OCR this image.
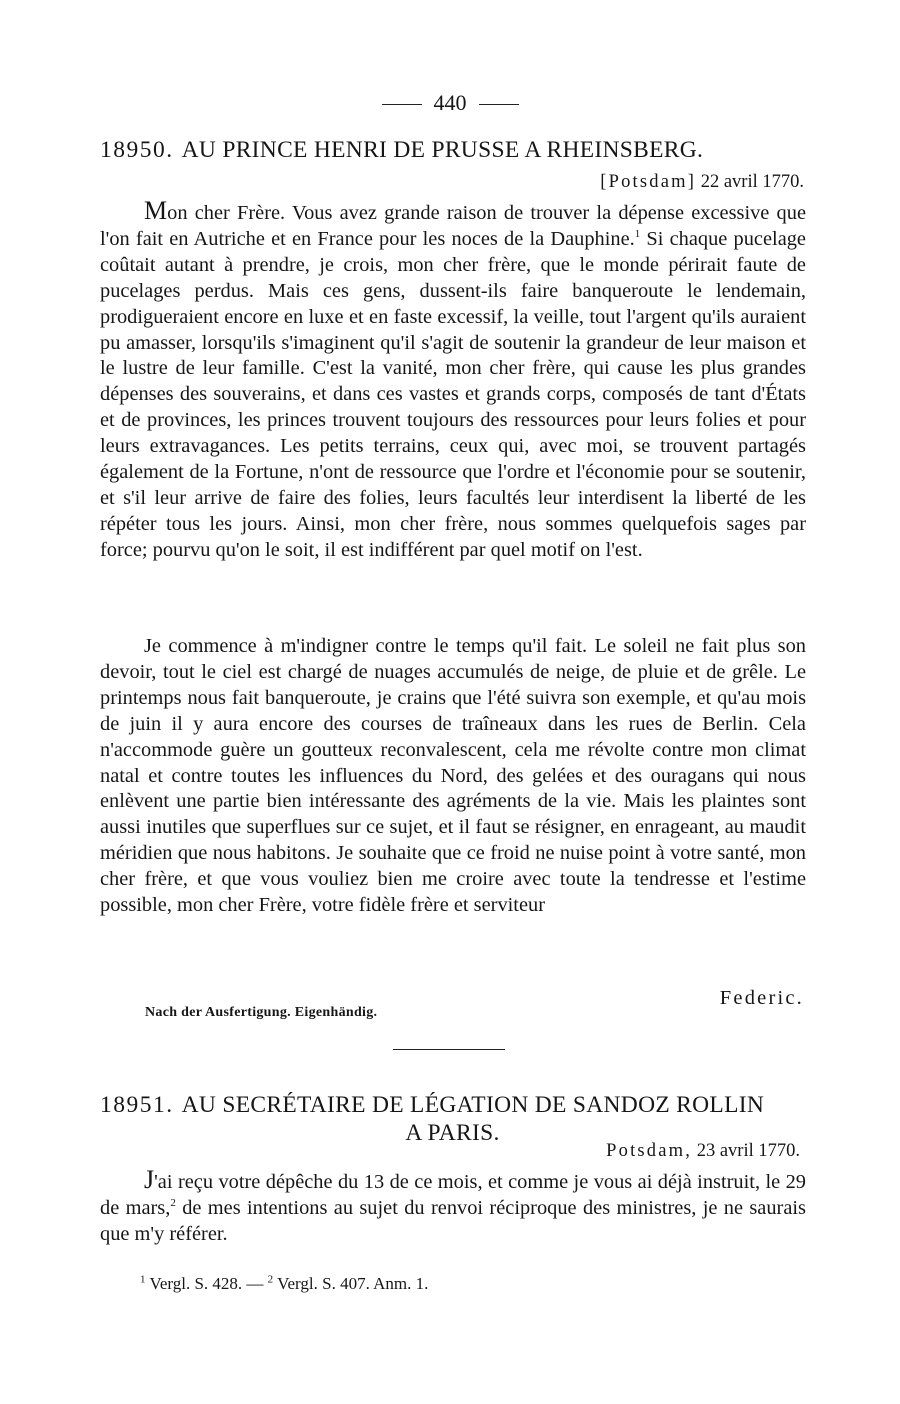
440
18950. AU PRINCE HENRI DE PRUSSE A RHEINSBERG.
[Potsdam] 22 avril 1770.

Mon cher Frère. Vous avez grande raison de trouver la dépense excessive que l'on fait en Autriche et en France pour les noces de la Dauphine.$^1$ Si chaque pucelage coûtait autant à prendre, je crois, mon cher frère, que le monde périrait faute de pucelages perdus. Mais ces gens, dussent-ils faire banqueroute le lendemain, prodigueraient encore en luxe et en faste excessif, la veille, tout l'argent qu'ils auraient pu amasser, lorsqu'ils s'imaginent qu'il s'agit de soutenir la grandeur de leur maison et le lustre de leur famille. C'est la vanité, mon cher frère, qui cause les plus grandes dépenses des souverains, et dans ces vastes et grands corps, composés de tant d'États et de provinces, les princes trouvent toujours des ressources pour leurs folies et pour leurs extravagances. Les petits terrains, ceux qui, avec moi, se trouvent partagés également de la Fortune, n'ont de ressource que l'ordre et l'économie pour se soutenir, et s'il leur arrive de faire des folies, leurs facultés leur interdisent la liberté de les répéter tous les jours. Ainsi, mon cher frère, nous sommes quelquefois sages par force; pourvu qu'on le soit, il est indifférent par quel motif on l'est.

Je commence à m'indigner contre le temps qu'il fait. Le soleil ne fait plus son devoir, tout le ciel est chargé de nuages accumulés de neige, de pluie et de grêle. Le printemps nous fait banqueroute, je crains que l'été suivra son exemple, et qu'au mois de juin il y aura encore des courses de traîneaux dans les rues de Berlin. Cela n'accommode guère un goutteux reconvalescent, cela me révolte contre mon climat natal et contre toutes les influences du Nord, des gelées et des ouragans qui nous enlèvent une partie bien intéressante des agréments de la vie. Mais les plaintes sont aussi inutiles que superflues sur ce sujet, et il faut se résigner, en enrageant, au maudit méridien que nous habitons. Je souhaite que ce froid ne nuise point à votre santé, mon cher frère, et que vous vouliez bien me croire avec toute la tendresse et l'estime possible, mon cher Frère, votre fidèle frère et serviteur

Federic.
Nach der Ausfertigung. Eigenhändig.
18951. AU SECRÉTAIRE DE LÉGATION DE SANDOZ ROLLIN
A PARIS.
Potsdam, 23 avril 1770.

J'ai reçu votre dépêche du 13 de ce mois, et comme je vous ai déjà instruit, le 29 de mars,$^2$ de mes intentions au sujet du renvoi réciproque des ministres, je ne saurais que m'y référer.

$^1$ Vergl. S. 428. — $^2$ Vergl. S. 407. Anm. 1.
